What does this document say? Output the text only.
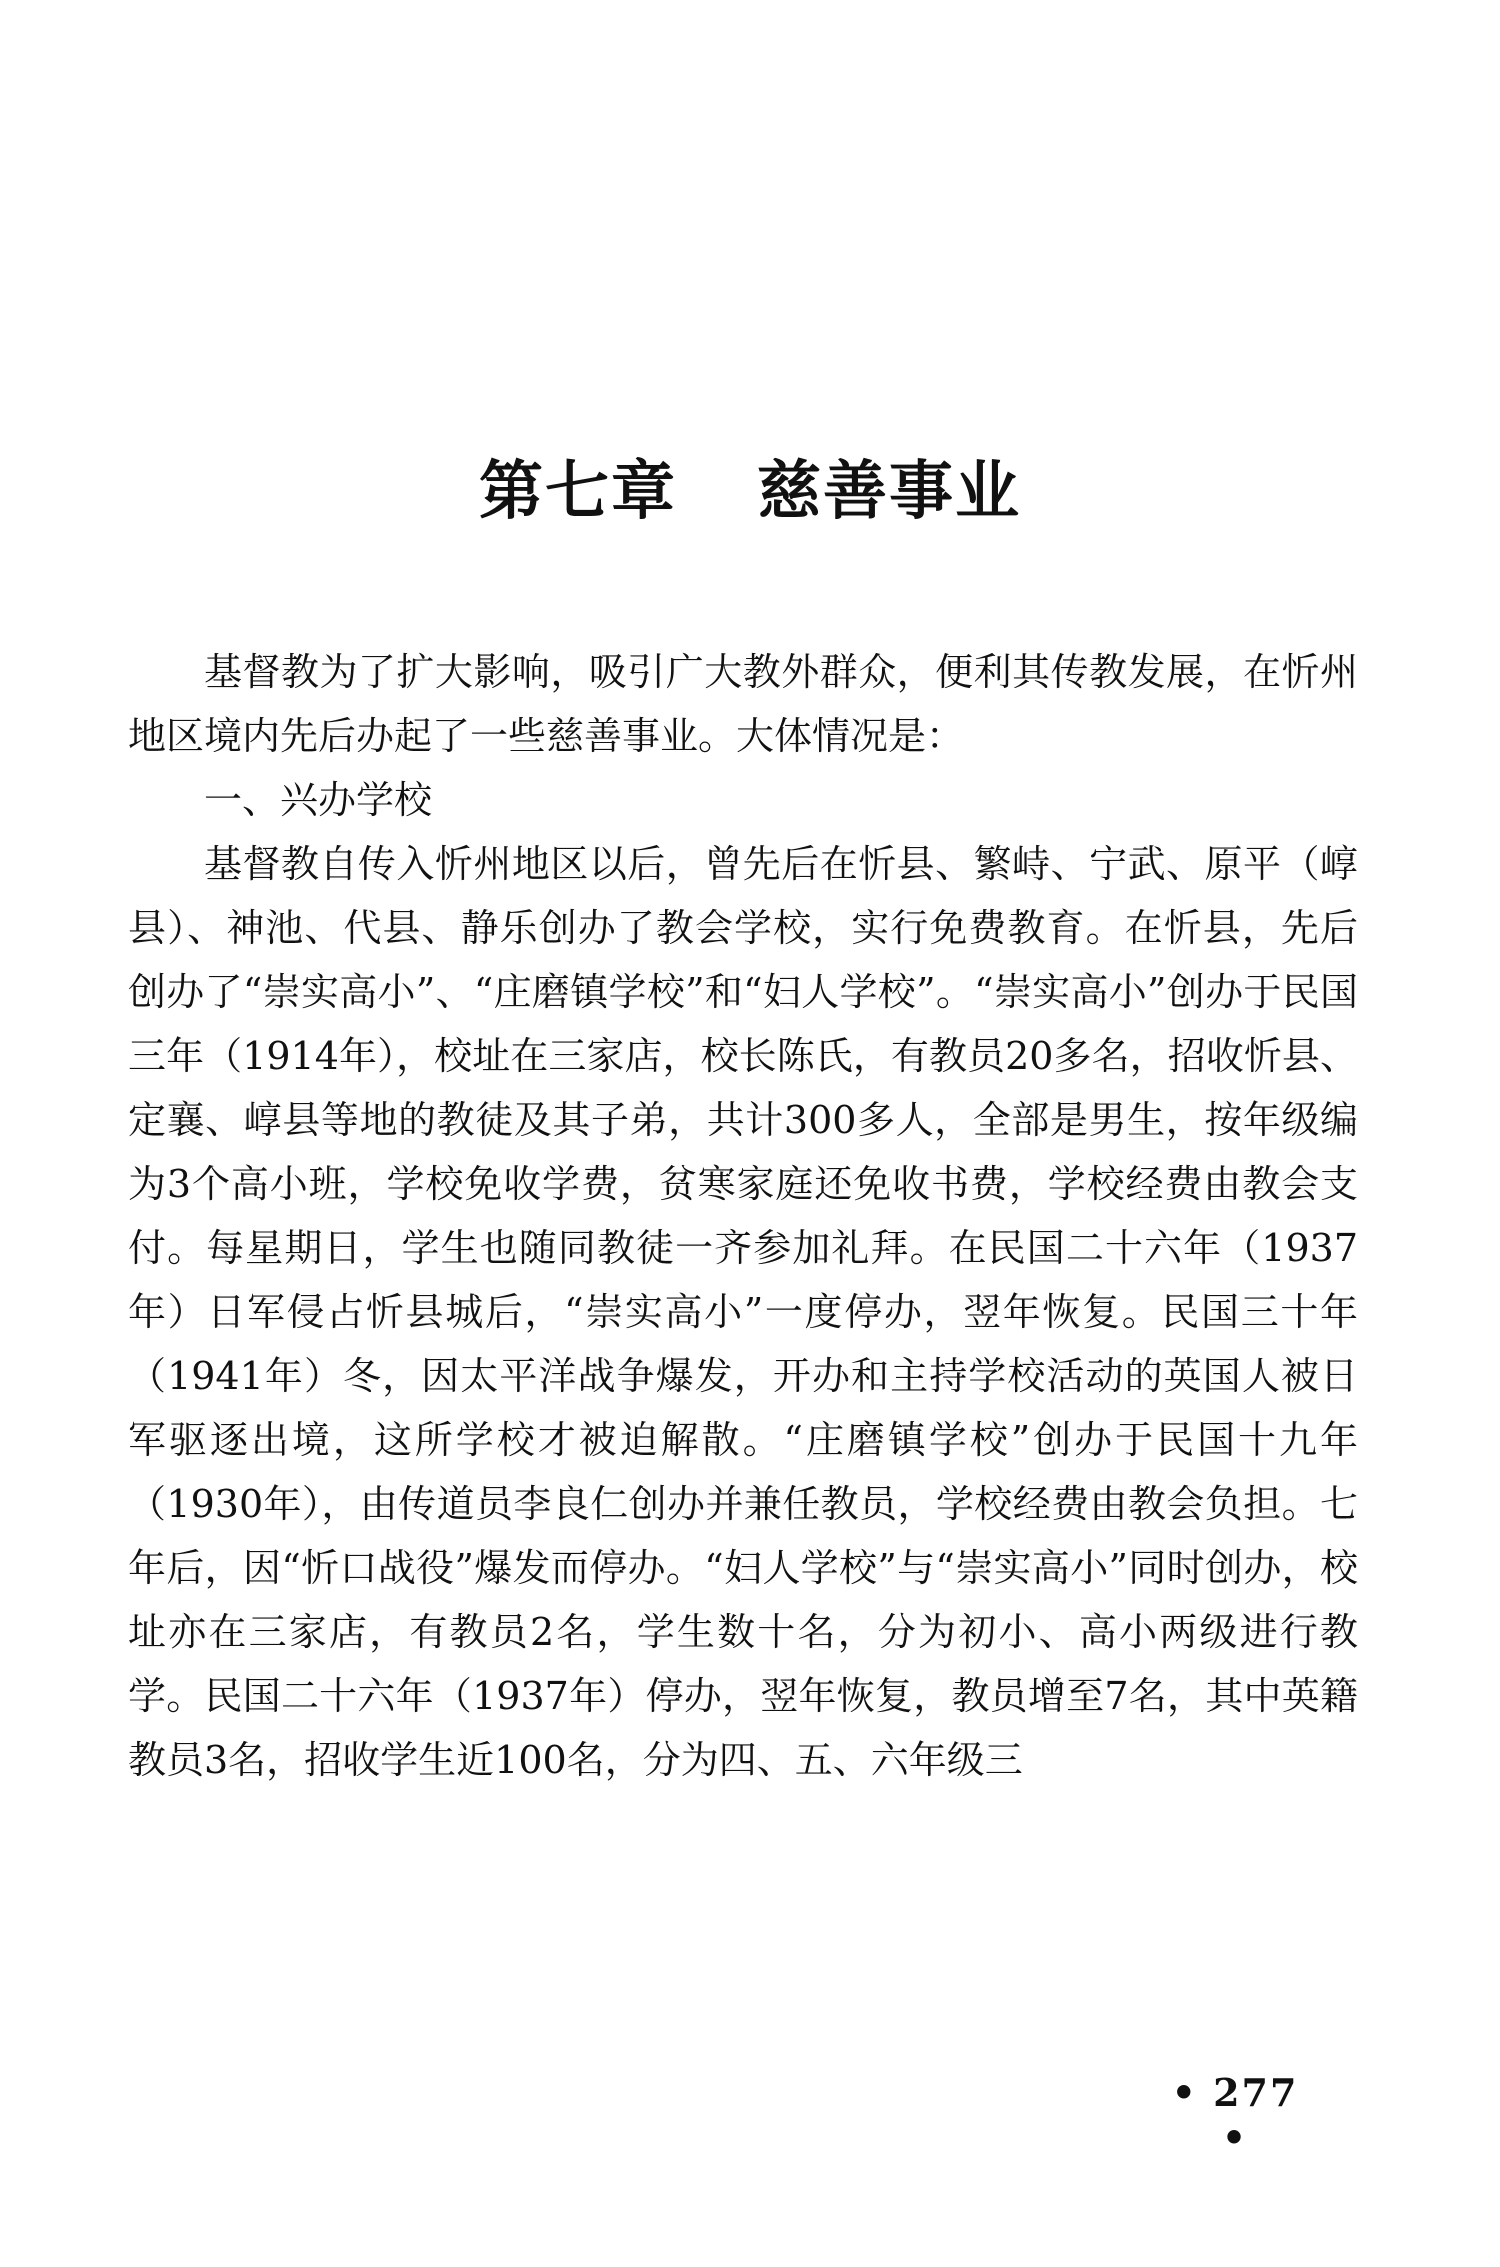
第七章 慈善事业

基督教为了扩大影响，吸引广大教外群众，便利其传教发展，在忻州地区境内先后办起了一些慈善事业。大体情况是：

一、兴办学校

基督教自传入忻州地区以后，曾先后在忻县、繁峙、宁武、原平（崞县）、神池、代县、静乐创办了教会学校，实行免费教育。在忻县，先后创办了“崇实高小”、“庄磨镇学校”和“妇人学校”。“崇实高小”创办于民国三年（1914年），校址在三家店，校长陈氏，有教员20多名，招收忻县、定襄、崞县等地的教徒及其子弟，共计300多人，全部是男生，按年级编为3个高小班，学校免收学费，贫寒家庭还免收书费，学校经费由教会支付。每星期日，学生也随同教徒一齐参加礼拜。在民国二十六年（1937年）日军侵占忻县城后，“崇实高小”一度停办，翌年恢复。民国三十年（1941年）冬，因太平洋战争爆发，开办和主持学校活动的英国人被日军驱逐出境，这所学校才被迫解散。“庄磨镇学校”创办于民国十九年（1930年），由传道员李良仁创办并兼任教员，学校经费由教会负担。七年后，因“忻口战役”爆发而停办。“妇人学校”与“崇实高小”同时创办，校址亦在三家店，有教员2名，学生数十名，分为初小、高小两级进行教学。民国二十六年（1937年）停办，翌年恢复，教员增至7名，其中英籍教员3名，招收学生近100名，分为四、五、六年级三

• 277 •
